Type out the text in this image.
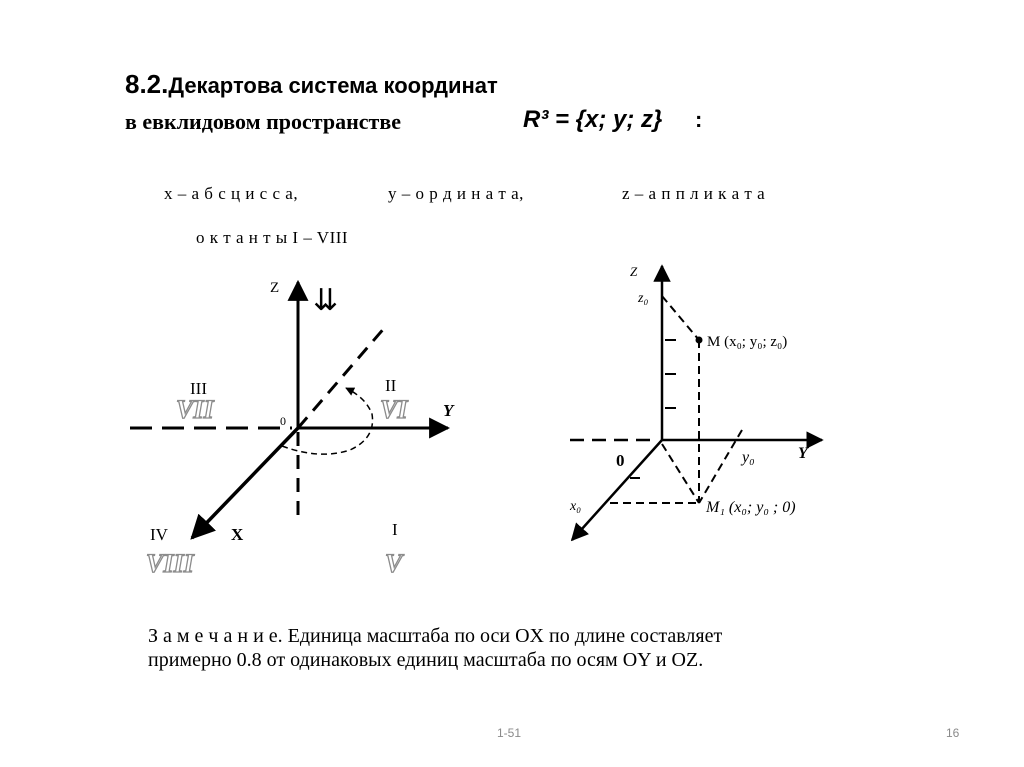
8.2.Декартова система координат
в евклидовом пространстве	R³ = {x; y; z} :
x – а б с ц и с с а,	y – о р д и н а т а,	z – а п п л и к а т а
о к т а н т ы I – VIII
Z ⇊
Y
X
0
III	II
IV	I
VII	VI
VIII	V
Z
z₀
M (x₀; y₀; z₀)
Y
y₀
0
x₀	M₁ (x₀; y₀ ; 0)
З а м е ч а н и е. Единица масштаба по оси OX по длине составляет
примерно 0.8 от одинаковых единиц масштаба по осям OY и OZ.
1-51	16
